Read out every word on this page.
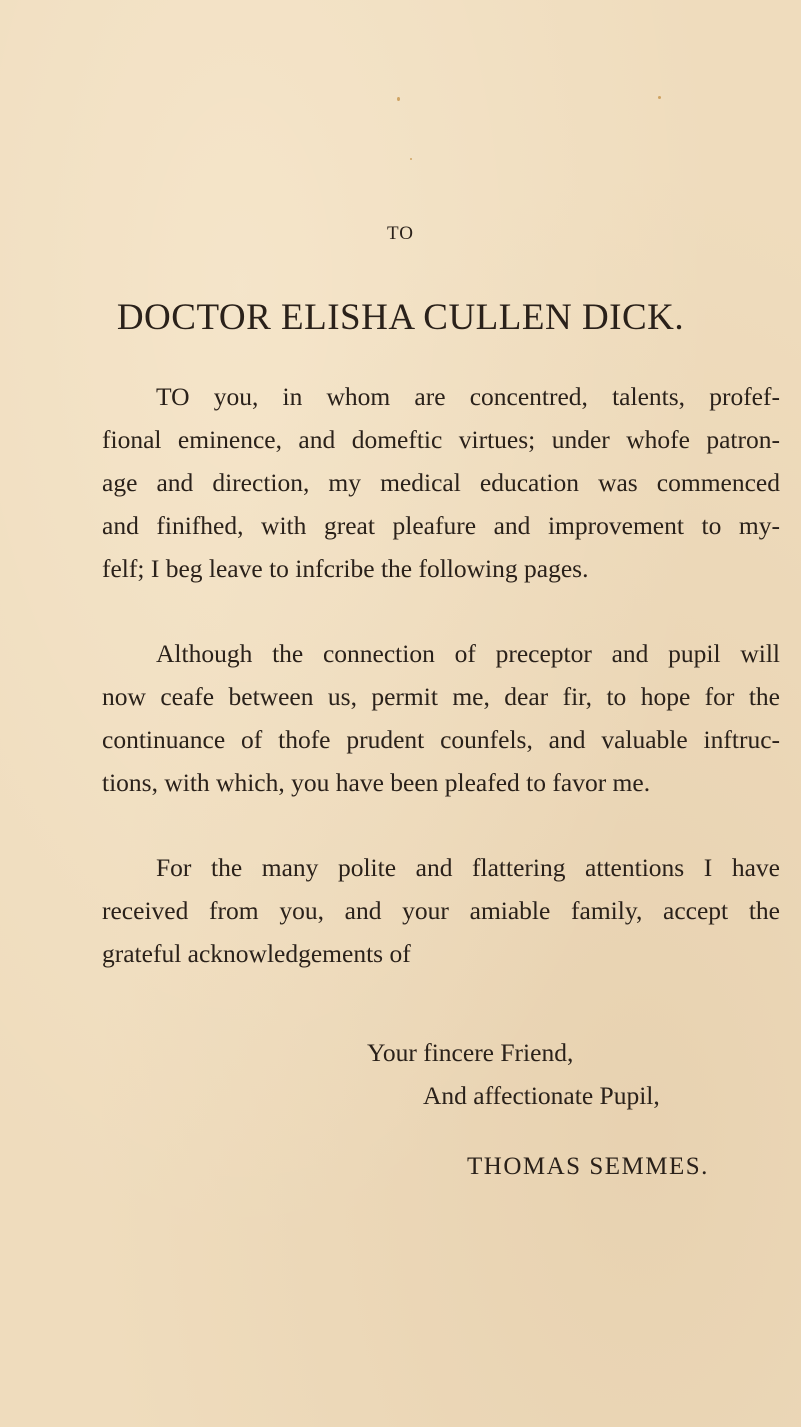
TO
DOCTOR ELISHA CULLEN DICK.
TO you, in whom are concentred, talents, profef-
fional eminence, and domeftic virtues; under whofe patron-
age and direction, my medical education was commenced
and finifhed, with great pleafure and improvement to my-
felf; I beg leave to infcribe the following pages.
Although the connection of preceptor and pupil will
now ceafe between us, permit me, dear fir, to hope for the
continuance of thofe prudent counfels, and valuable inftruc-
tions, with which, you have been pleafed to favor me.
For the many polite and flattering attentions I have
received from you, and your amiable family, accept the
grateful acknowledgements of
Your fincere Friend,
And affectionate Pupil,
THOMAS SEMMES.
